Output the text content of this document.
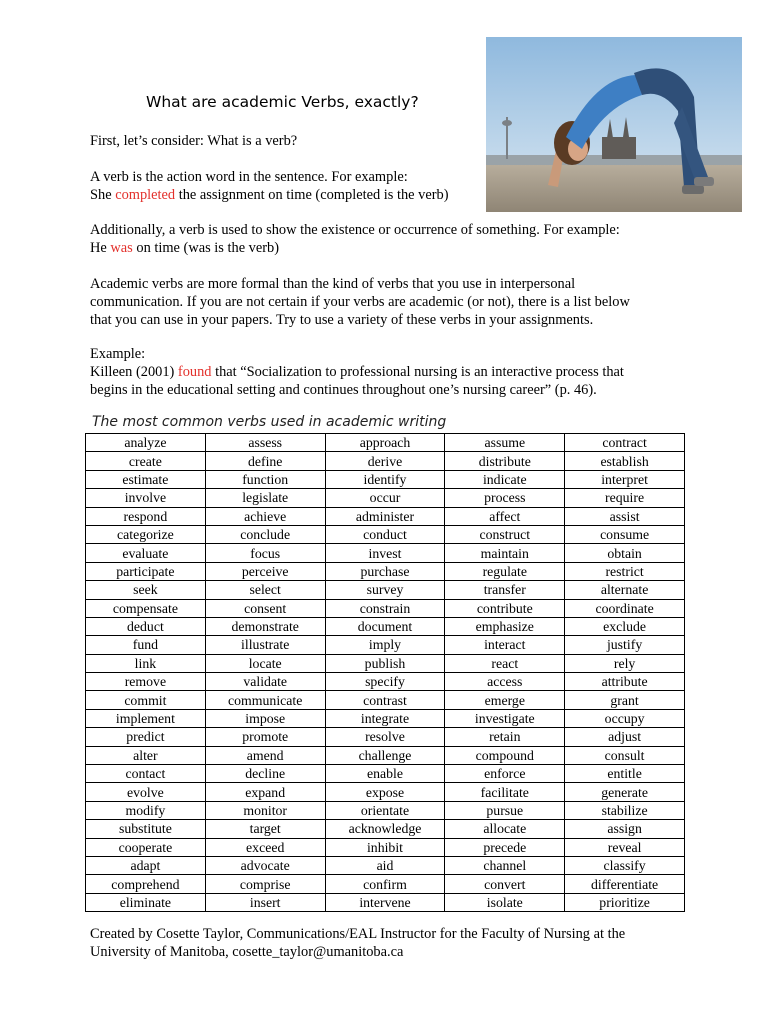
What are academic Verbs, exactly?

First, let’s consider: What is a verb?

A verb is the action word in the sentence. For example:
She completed the assignment on time (completed is the verb)

Additionally, a verb is used to show the existence or occurrence of something. For example:
He was on time (was is the verb)

Academic verbs are more formal than the kind of verbs that you use in interpersonal
communication. If you are not certain if your verbs are academic (or not), there is a list below
that you can use in your papers. Try to use a variety of these verbs in your assignments.

Example:
Killeen (2001) found that “Socialization to professional nursing is an interactive process that
begins in the educational setting and continues throughout one’s nursing career” (p. 46).

The most common verbs used in academic writing

analyze	assess	approach	assume	contract
create	define	derive	distribute	establish
estimate	function	identify	indicate	interpret
involve	legislate	occur	process	require
respond	achieve	administer	affect	assist
categorize	conclude	conduct	construct	consume
evaluate	focus	invest	maintain	obtain
participate	perceive	purchase	regulate	restrict
seek	select	survey	transfer	alternate
compensate	consent	constrain	contribute	coordinate
deduct	demonstrate	document	emphasize	exclude
fund	illustrate	imply	interact	justify
link	locate	publish	react	rely
remove	validate	specify	access	attribute
commit	communicate	contrast	emerge	grant
implement	impose	integrate	investigate	occupy
predict	promote	resolve	retain	adjust
alter	amend	challenge	compound	consult
contact	decline	enable	enforce	entitle
evolve	expand	expose	facilitate	generate
modify	monitor	orientate	pursue	stabilize
substitute	target	acknowledge	allocate	assign
cooperate	exceed	inhibit	precede	reveal
adapt	advocate	aid	channel	classify
comprehend	comprise	confirm	convert	differentiate
eliminate	insert	intervene	isolate	prioritize

Created by Cosette Taylor, Communications/EAL Instructor for the Faculty of Nursing at the
University of Manitoba, cosette_taylor@umanitoba.ca
